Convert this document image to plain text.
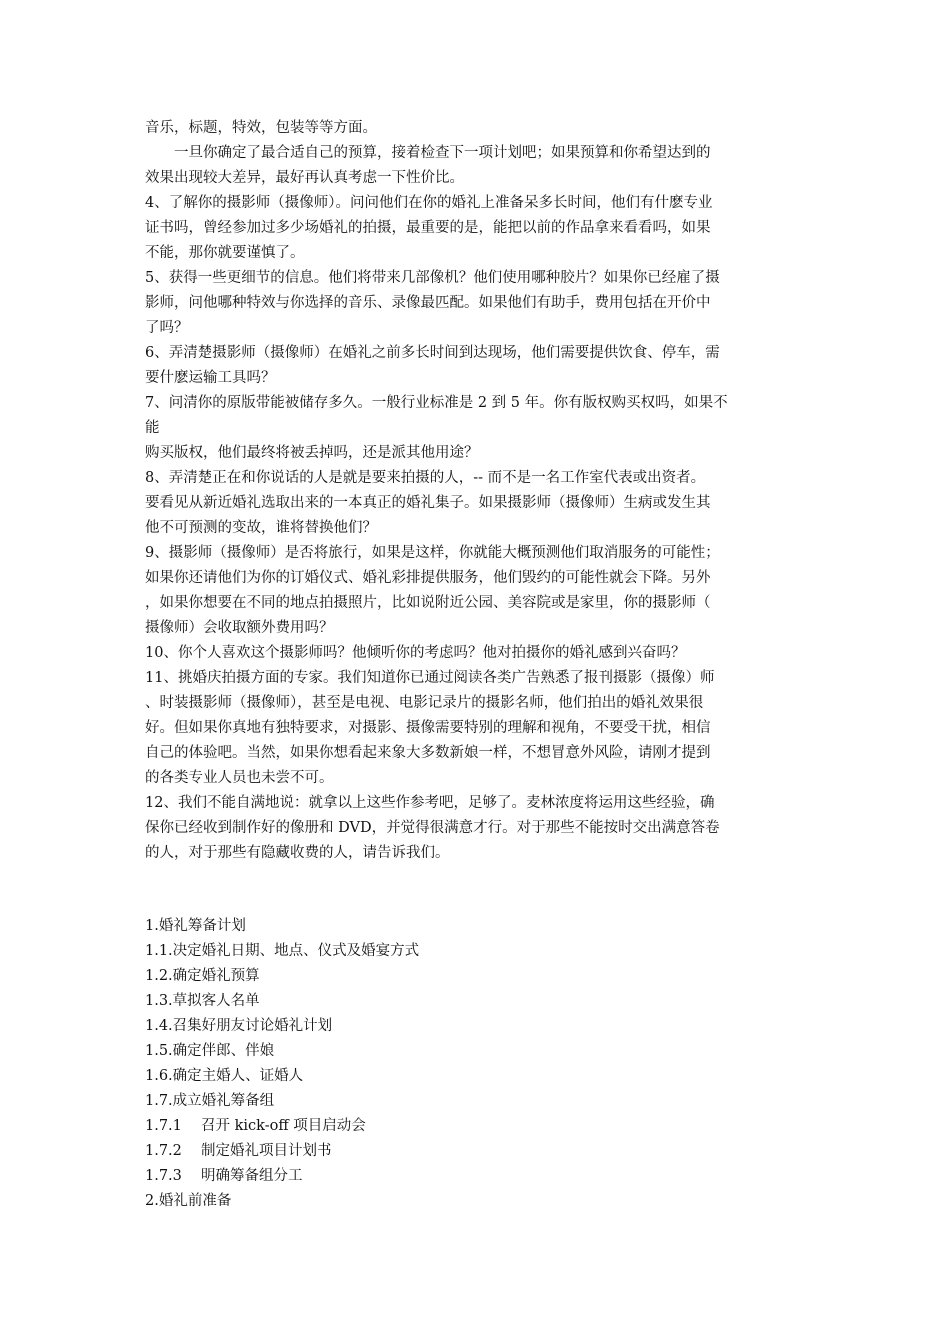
音乐，标题，特效，包装等等方面。

　　一旦你确定了最合适自己的预算，接着检查下一项计划吧；如果预算和你希望达到的

效果出现较大差异，最好再认真考虑一下性价比。

4、了解你的摄影师（摄像师）。问问他们在你的婚礼上准备呆多长时间，他们有什麽专业

证书吗，曾经参加过多少场婚礼的拍摄，最重要的是，能把以前的作品拿来看看吗，如果

不能，那你就要谨慎了。

5、获得一些更细节的信息。他们将带来几部像机？他们使用哪种胶片？如果你已经雇了摄

影师，问他哪种特效与你选择的音乐、录像最匹配。如果他们有助手，费用包括在开价中

了吗？

6、弄清楚摄影师（摄像师）在婚礼之前多长时间到达现场，他们需要提供饮食、停车，需

要什麽运输工具吗？

7、问清你的原版带能被储存多久。一般行业标准是 2 到 5 年。你有版权购买权吗，如果不

能

购买版权，他们最终将被丢掉吗，还是派其他用途？

8、弄清楚正在和你说话的人是就是要来拍摄的人，-- 而不是一名工作室代表或出资者。

要看见从新近婚礼选取出来的一本真正的婚礼集子。如果摄影师（摄像师）生病或发生其

他不可预测的变故，谁将替换他们？

9、摄影师（摄像师）是否将旅行，如果是这样，你就能大概预测他们取消服务的可能性；

如果你还请他们为你的订婚仪式、婚礼彩排提供服务，他们毁约的可能性就会下降。另外

，如果你想要在不同的地点拍摄照片，比如说附近公园、美容院或是家里，你的摄影师（

摄像师）会收取额外费用吗？

10、你个人喜欢这个摄影师吗？他倾听你的考虑吗？他对拍摄你的婚礼感到兴奋吗？

11、挑婚庆拍摄方面的专家。我们知道你已通过阅读各类广告熟悉了报刊摄影（摄像）师

、时装摄影师（摄像师），甚至是电视、电影记录片的摄影名师，他们拍出的婚礼效果很

好。但如果你真地有独特要求，对摄影、摄像需要特别的理解和视角，不要受干扰，相信

自己的体验吧。当然，如果你想看起来象大多数新娘一样，不想冒意外风险，请刚才提到

的各类专业人员也未尝不可。

12、我们不能自满地说：就拿以上这些作参考吧，足够了。麦林浓度将运用这些经验，确

保你已经收到制作好的像册和 DVD，并觉得很满意才行。对于那些不能按时交出满意答卷

的人，对于那些有隐藏收费的人，请告诉我们。

1.婚礼筹备计划

1.1.决定婚礼日期、地点、仪式及婚宴方式

1.2.确定婚礼预算

1.3.草拟客人名单

1.4.召集好朋友讨论婚礼计划

1.5.确定伴郎、伴娘

1.6.确定主婚人、证婚人

1.7.成立婚礼筹备组

1.7.1　 召开 kick-off 项目启动会

1.7.2　 制定婚礼项目计划书

1.7.3　 明确筹备组分工

2.婚礼前准备
